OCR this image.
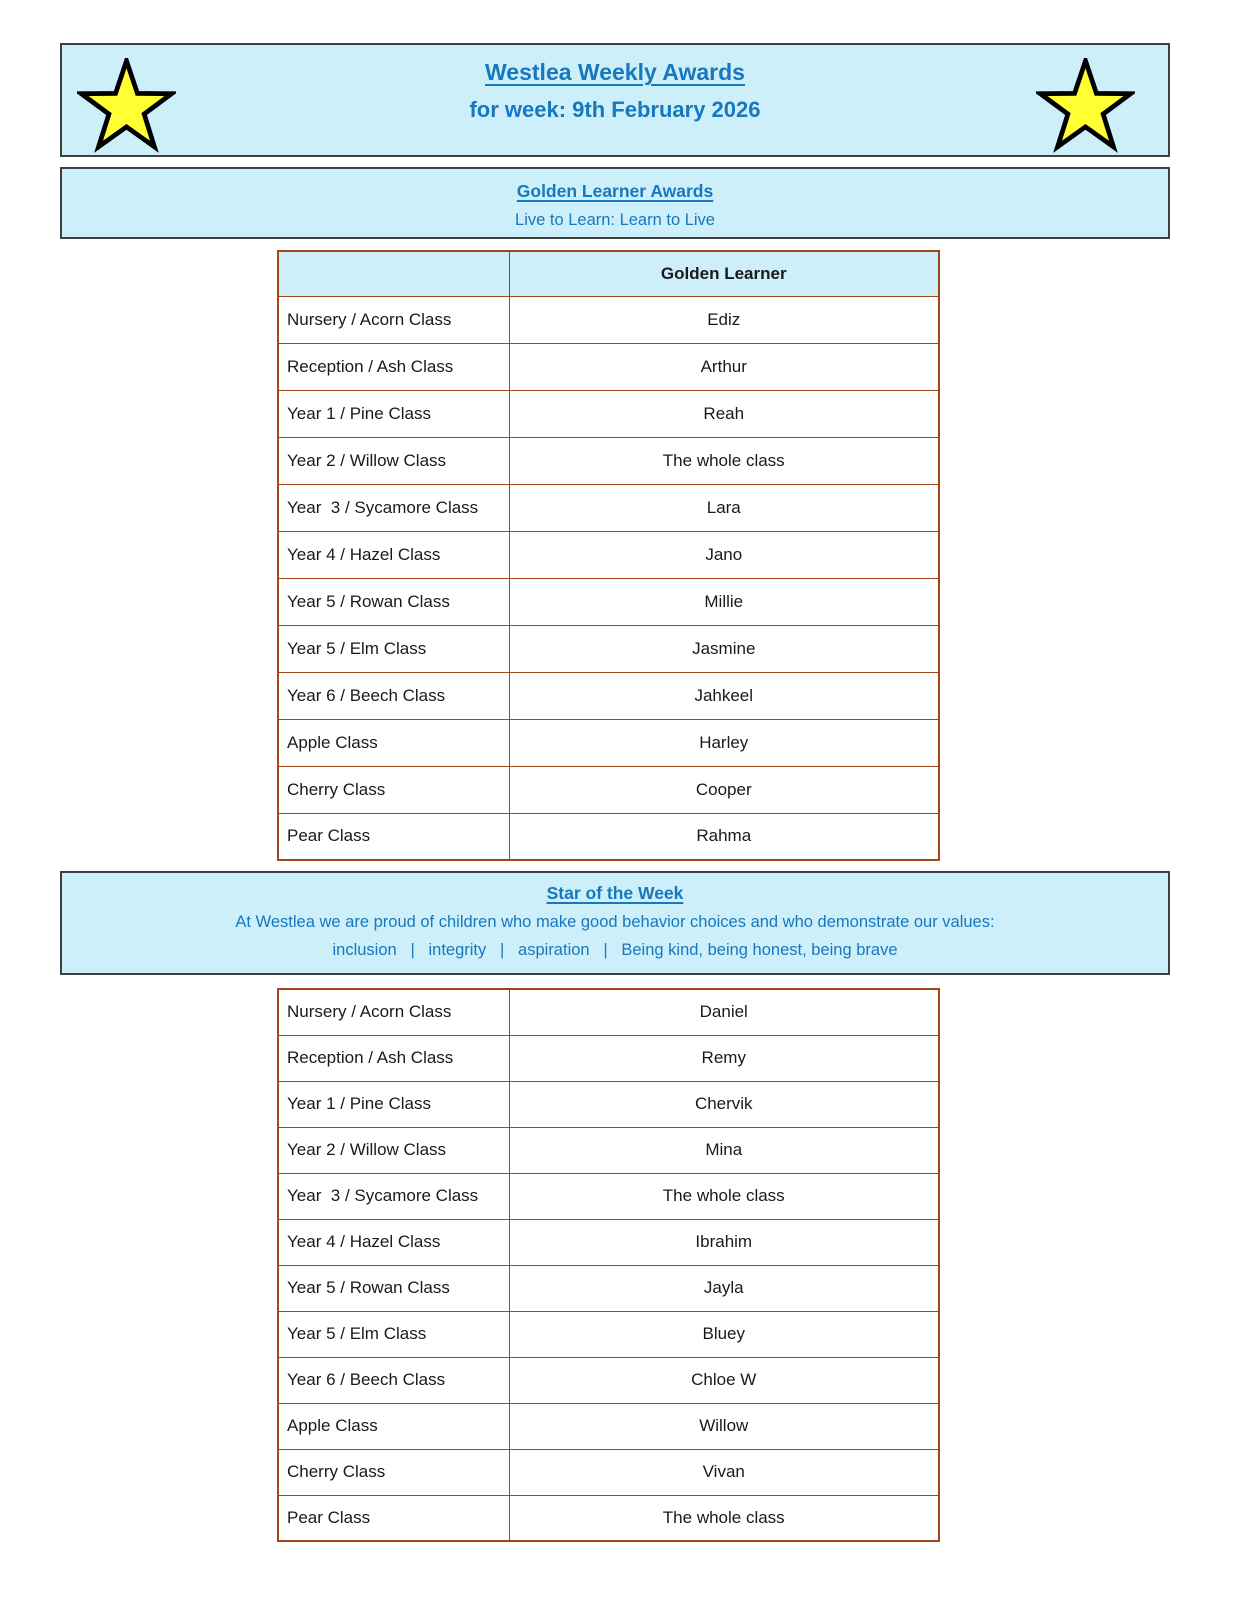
Westlea Weekly Awards
for week: 9th February 2026
Golden Learner Awards
Live to Learn: Learn to Live
	Golden Learner
Nursery / Acorn Class	Ediz
Reception / Ash Class	Arthur
Year 1 / Pine Class	Reah
Year 2 / Willow Class	The whole class
Year  3 / Sycamore Class	Lara
Year 4 / Hazel Class	Jano
Year 5 / Rowan Class	Millie
Year 5 / Elm Class	Jasmine
Year 6 / Beech Class	Jahkeel
Apple Class	Harley
Cherry Class	Cooper
Pear Class	Rahma
Star of the Week
At Westlea we are proud of children who make good behavior choices and who demonstrate our values:
inclusion   |   integrity   |   aspiration   |   Being kind, being honest, being brave
Nursery / Acorn Class	Daniel
Reception / Ash Class	Remy
Year 1 / Pine Class	Chervik
Year 2 / Willow Class	Mina
Year  3 / Sycamore Class	The whole class
Year 4 / Hazel Class	Ibrahim
Year 5 / Rowan Class	Jayla
Year 5 / Elm Class	Bluey
Year 6 / Beech Class	Chloe W
Apple Class	Willow
Cherry Class	Vivan
Pear Class	The whole class
